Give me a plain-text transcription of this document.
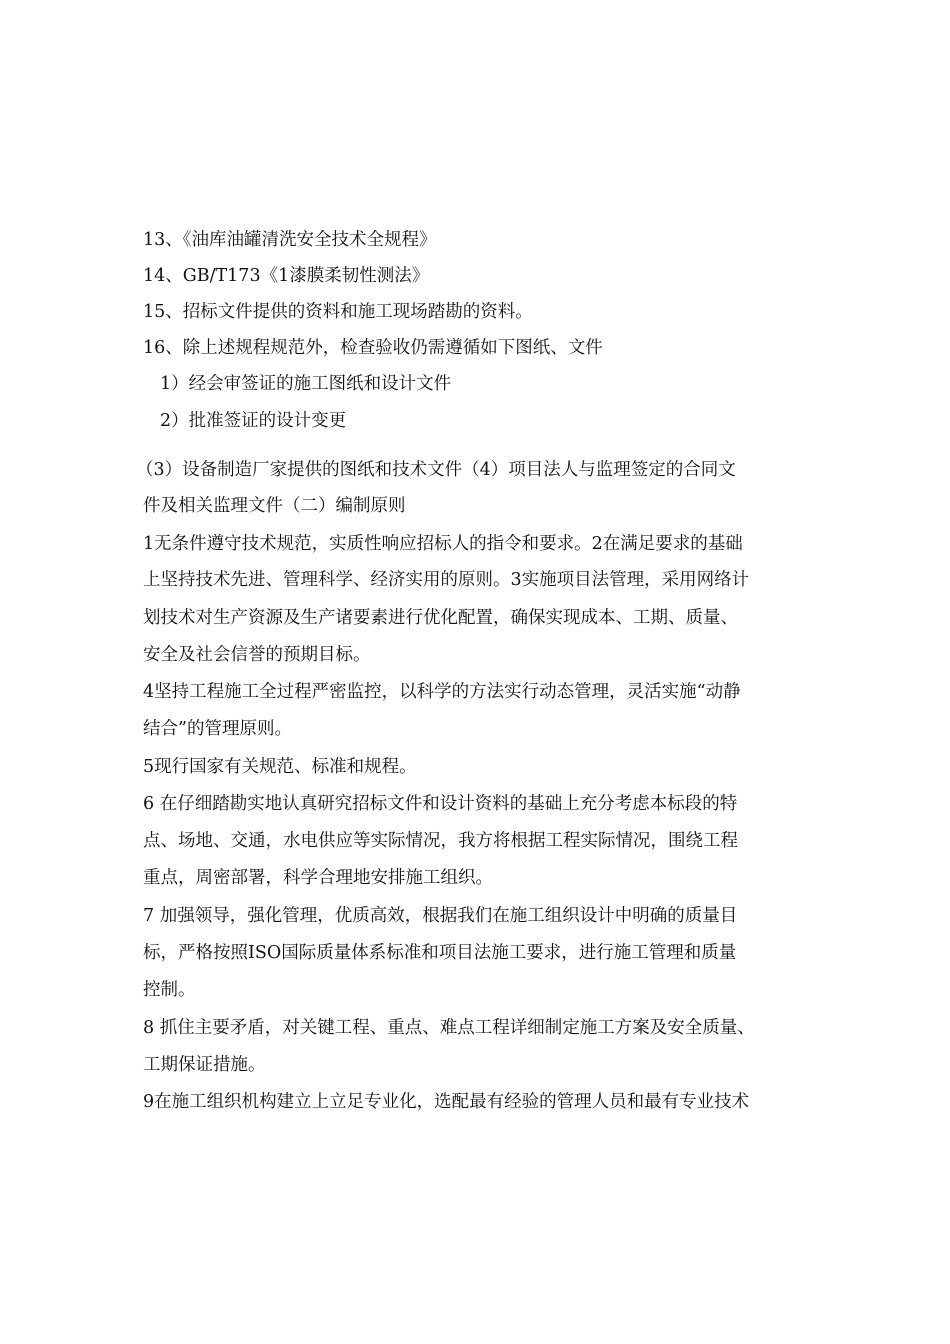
13、《油库油罐清洗安全技术全规程》
14、GB/T173《1漆膜柔韧性测法》
15、招标文件提供的资料和施工现场踏勘的资料。
16、除上述规程规范外，检查验收仍需遵循如下图纸、文件
1）经会审签证的施工图纸和设计文件
2）批准签证的设计变更
（3）设备制造厂家提供的图纸和技术文件（4）项目法人与监理签定的合同文
件及相关监理文件（二）编制原则
1无条件遵守技术规范，实质性响应招标人的指令和要求。2在满足要求的基础
上坚持技术先进、管理科学、经济实用的原则。3实施项目法管理，采用网络计
划技术对生产资源及生产诸要素进行优化配置，确保实现成本、工期、质量、
安全及社会信誉的预期目标。
4坚持工程施工全过程严密监控，以科学的方法实行动态管理，灵活实施“动静
结合”的管理原则。
5现行国家有关规范、标准和规程。
6 在仔细踏勘实地认真研究招标文件和设计资料的基础上充分考虑本标段的特
点、场地、交通，水电供应等实际情况，我方将根据工程实际情况，围绕工程
重点，周密部署，科学合理地安排施工组织。
7 加强领导，强化管理，优质高效，根据我们在施工组织设计中明确的质量目
标，严格按照ISO国际质量体系标准和项目法施工要求，进行施工管理和质量
控制。
8 抓住主要矛盾，对关键工程、重点、难点工程详细制定施工方案及安全质量、
工期保证措施。
9在施工组织机构建立上立足专业化，选配最有经验的管理人员和最有专业技术
